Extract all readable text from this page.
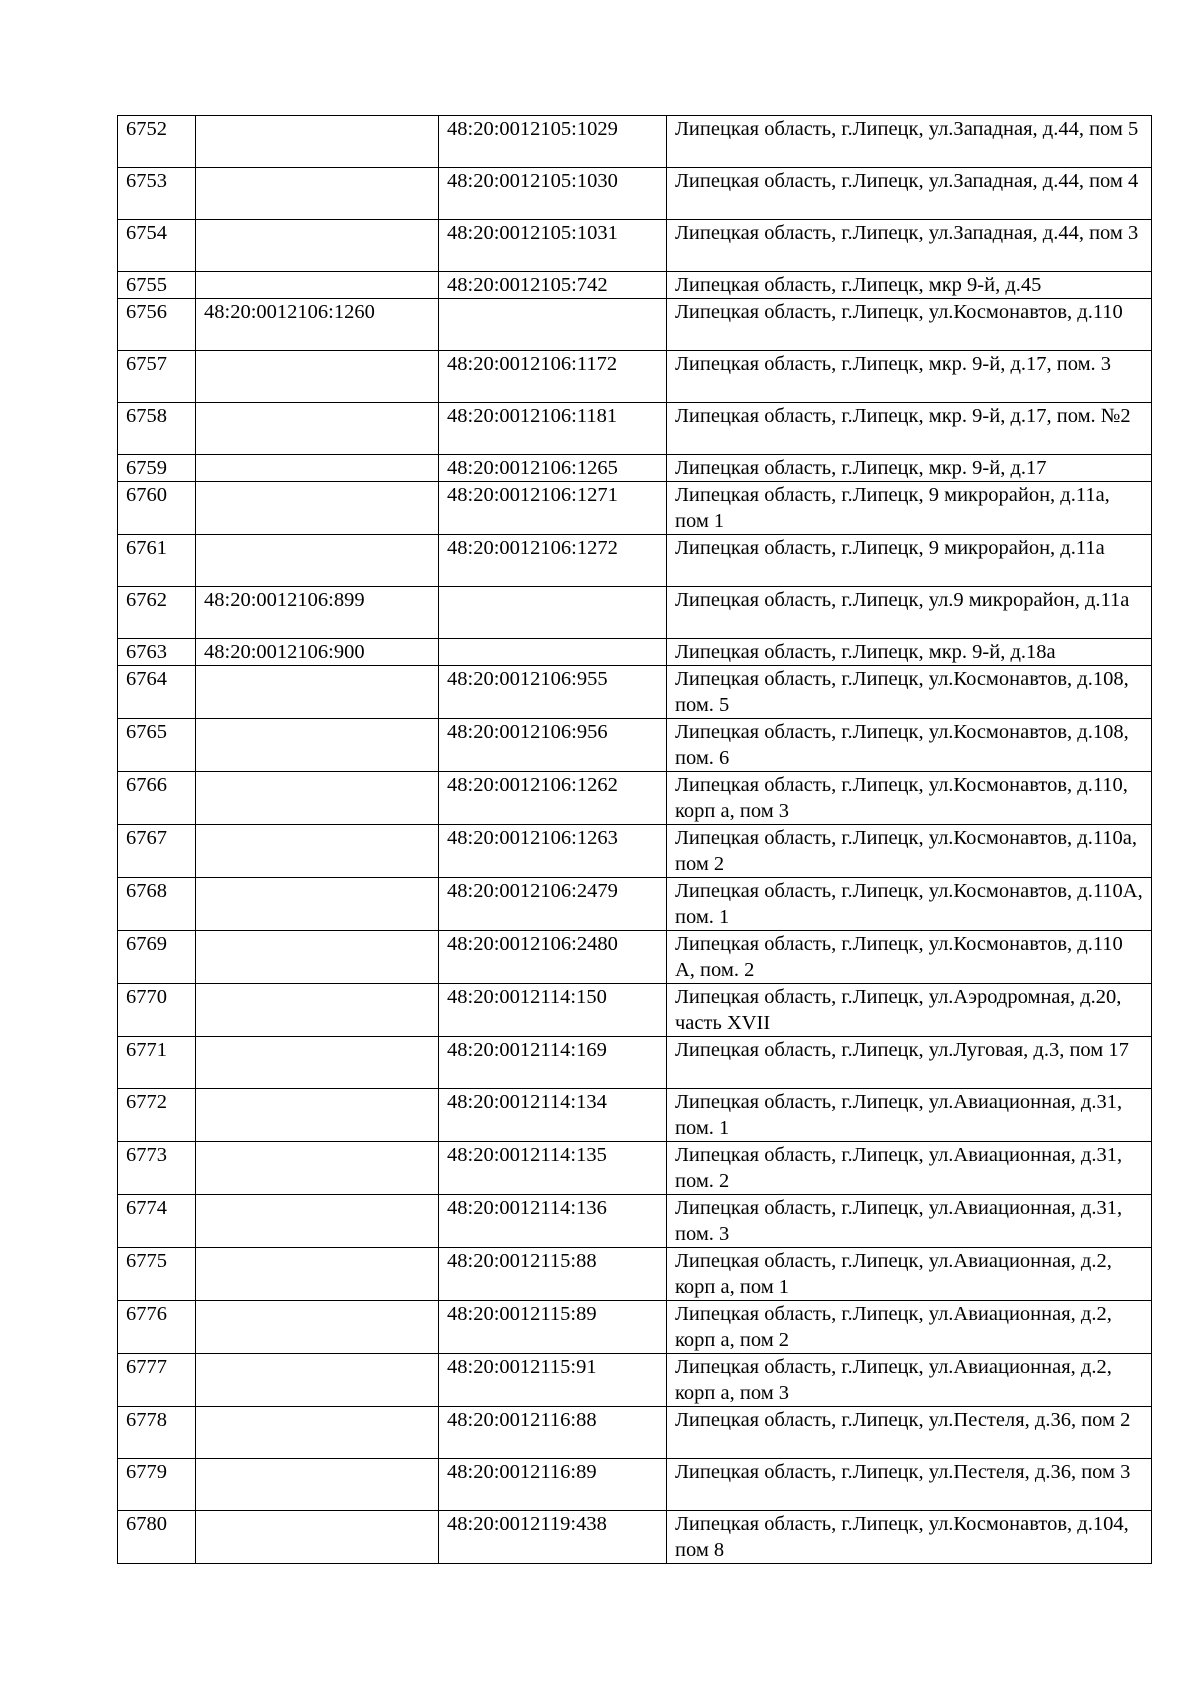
6752		48:20:0012105:1029	Липецкая область, г.Липецк, ул.Западная, д.44, пом 5
6753		48:20:0012105:1030	Липецкая область, г.Липецк, ул.Западная, д.44, пом 4
6754		48:20:0012105:1031	Липецкая область, г.Липецк, ул.Западная, д.44, пом 3
6755		48:20:0012105:742	Липецкая область, г.Липецк, мкр 9-й, д.45
6756	48:20:0012106:1260		Липецкая область, г.Липецк, ул.Космонавтов, д.110
6757		48:20:0012106:1172	Липецкая область, г.Липецк, мкр. 9-й, д.17, пом. 3
6758		48:20:0012106:1181	Липецкая область, г.Липецк, мкр. 9-й, д.17, пом. №2
6759		48:20:0012106:1265	Липецкая область, г.Липецк, мкр. 9-й, д.17
6760		48:20:0012106:1271	Липецкая область, г.Липецк, 9 микрорайон, д.11а, пом 1
6761		48:20:0012106:1272	Липецкая область, г.Липецк, 9 микрорайон, д.11а
6762	48:20:0012106:899		Липецкая область, г.Липецк, ул.9 микрорайон, д.11а
6763	48:20:0012106:900		Липецкая область, г.Липецк, мкр. 9-й, д.18а
6764		48:20:0012106:955	Липецкая область, г.Липецк, ул.Космонавтов, д.108, пом. 5
6765		48:20:0012106:956	Липецкая область, г.Липецк, ул.Космонавтов, д.108, пом. 6
6766		48:20:0012106:1262	Липецкая область, г.Липецк, ул.Космонавтов, д.110, корп а, пом 3
6767		48:20:0012106:1263	Липецкая область, г.Липецк, ул.Космонавтов, д.110а, пом 2
6768		48:20:0012106:2479	Липецкая область, г.Липецк, ул.Космонавтов, д.110А, пом. 1
6769		48:20:0012106:2480	Липецкая область, г.Липецк, ул.Космонавтов, д.110 А, пом. 2
6770		48:20:0012114:150	Липецкая область, г.Липецк, ул.Аэродромная, д.20, часть XVII
6771		48:20:0012114:169	Липецкая область, г.Липецк, ул.Луговая, д.3, пом 17
6772		48:20:0012114:134	Липецкая область, г.Липецк, ул.Авиационная, д.31, пом. 1
6773		48:20:0012114:135	Липецкая область, г.Липецк, ул.Авиационная, д.31, пом. 2
6774		48:20:0012114:136	Липецкая область, г.Липецк, ул.Авиационная, д.31, пом. 3
6775		48:20:0012115:88	Липецкая область, г.Липецк, ул.Авиационная, д.2, корп а, пом 1
6776		48:20:0012115:89	Липецкая область, г.Липецк, ул.Авиационная, д.2, корп а, пом 2
6777		48:20:0012115:91	Липецкая область, г.Липецк, ул.Авиационная, д.2, корп а, пом 3
6778		48:20:0012116:88	Липецкая область, г.Липецк, ул.Пестеля, д.36, пом 2
6779		48:20:0012116:89	Липецкая область, г.Липецк, ул.Пестеля, д.36, пом 3
6780		48:20:0012119:438	Липецкая область, г.Липецк, ул.Космонавтов, д.104, пом 8
